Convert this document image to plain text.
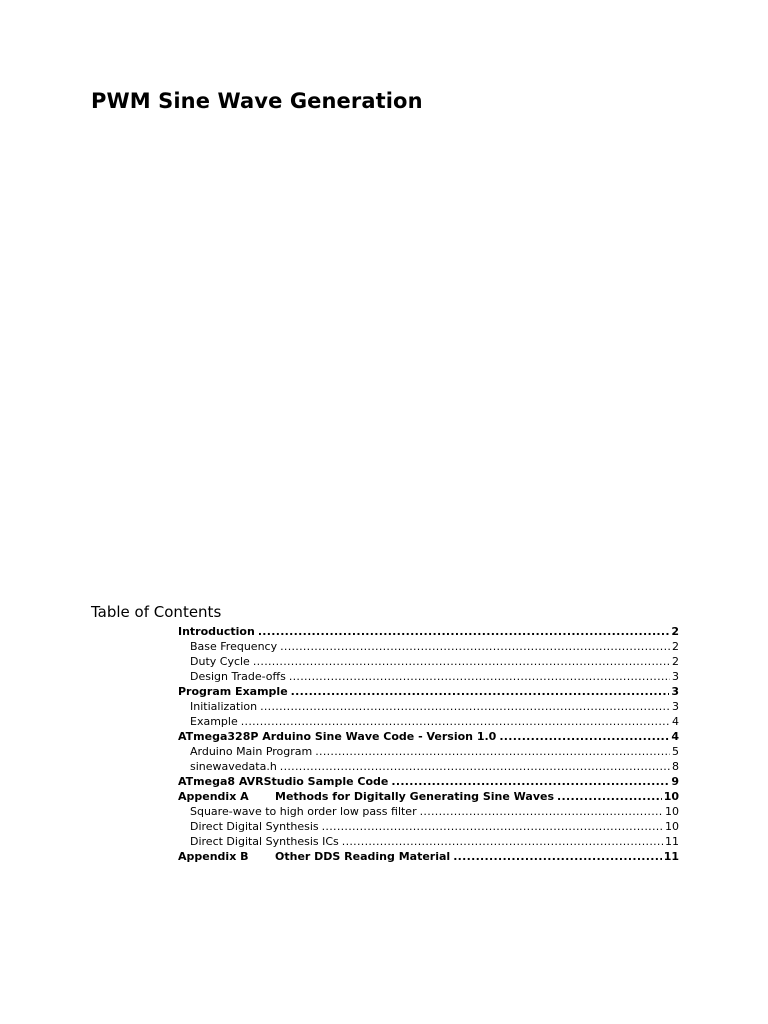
PWM Sine Wave Generation
Table of Contents
Introduction .....	2
Base Frequency .....	2
Duty Cycle .....	2
Design Trade-offs .....	3
Program Example .....	3
Initialization .....	3
Example .....	4
ATmega328P Arduino Sine Wave Code - Version 1.0 .....	4
Arduino Main Program .....	5
sinewavedata.h .....	8
ATmega8 AVRStudio Sample Code .....	9
Appendix A Methods for Digitally Generating Sine Waves .....	10
Square-wave to high order low pass filter .....	10
Direct Digital Synthesis .....	10
Direct Digital Synthesis ICs .....	11
Appendix B Other DDS Reading Material .....	11
